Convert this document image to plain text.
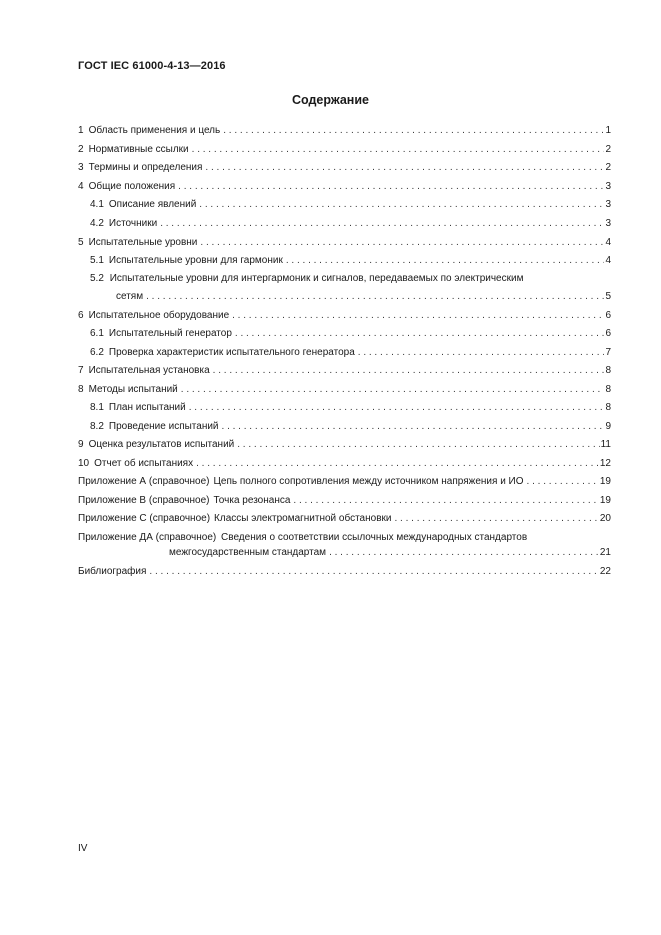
ГОСТ IEC 61000-4-13—2016
Содержание
1 Область применения и цель . . .	1
2 Нормативные ссылки . . .	2
3 Термины и определения . . .	2
4 Общие положения . . .	3
4.1 Описание явлений . . .	3
4.2 Источники . . .	3
5 Испытательные уровни . . .	4
5.1 Испытательные уровни для гармоник . . .	4
5.2 Испытательные уровни для интергармоник и сигналов, передаваемых по электрическим
сетям . . .	5
6 Испытательное оборудование . . .	6
6.1 Испытательный генератор . . .	6
6.2 Проверка характеристик испытательного генератора . . .	7
7 Испытательная установка . . .	8
8 Методы испытаний . . .	8
8.1 План испытаний . . .	8
8.2 Проведение испытаний . . .	9
9 Оценка результатов испытаний . . .	11
10 Отчет об испытаниях . . .	12
Приложение А (справочное) Цепь полного сопротивления между источником напряжения и ИО . . .	19
Приложение В (справочное) Точка резонанса . . .	19
Приложение С (справочное) Классы электромагнитной обстановки . . .	20
Приложение ДА (справочное) Сведения о соответствии ссылочных международных стандартов
межгосударственным стандартам . . .	21
Библиография . . .	22
IV
